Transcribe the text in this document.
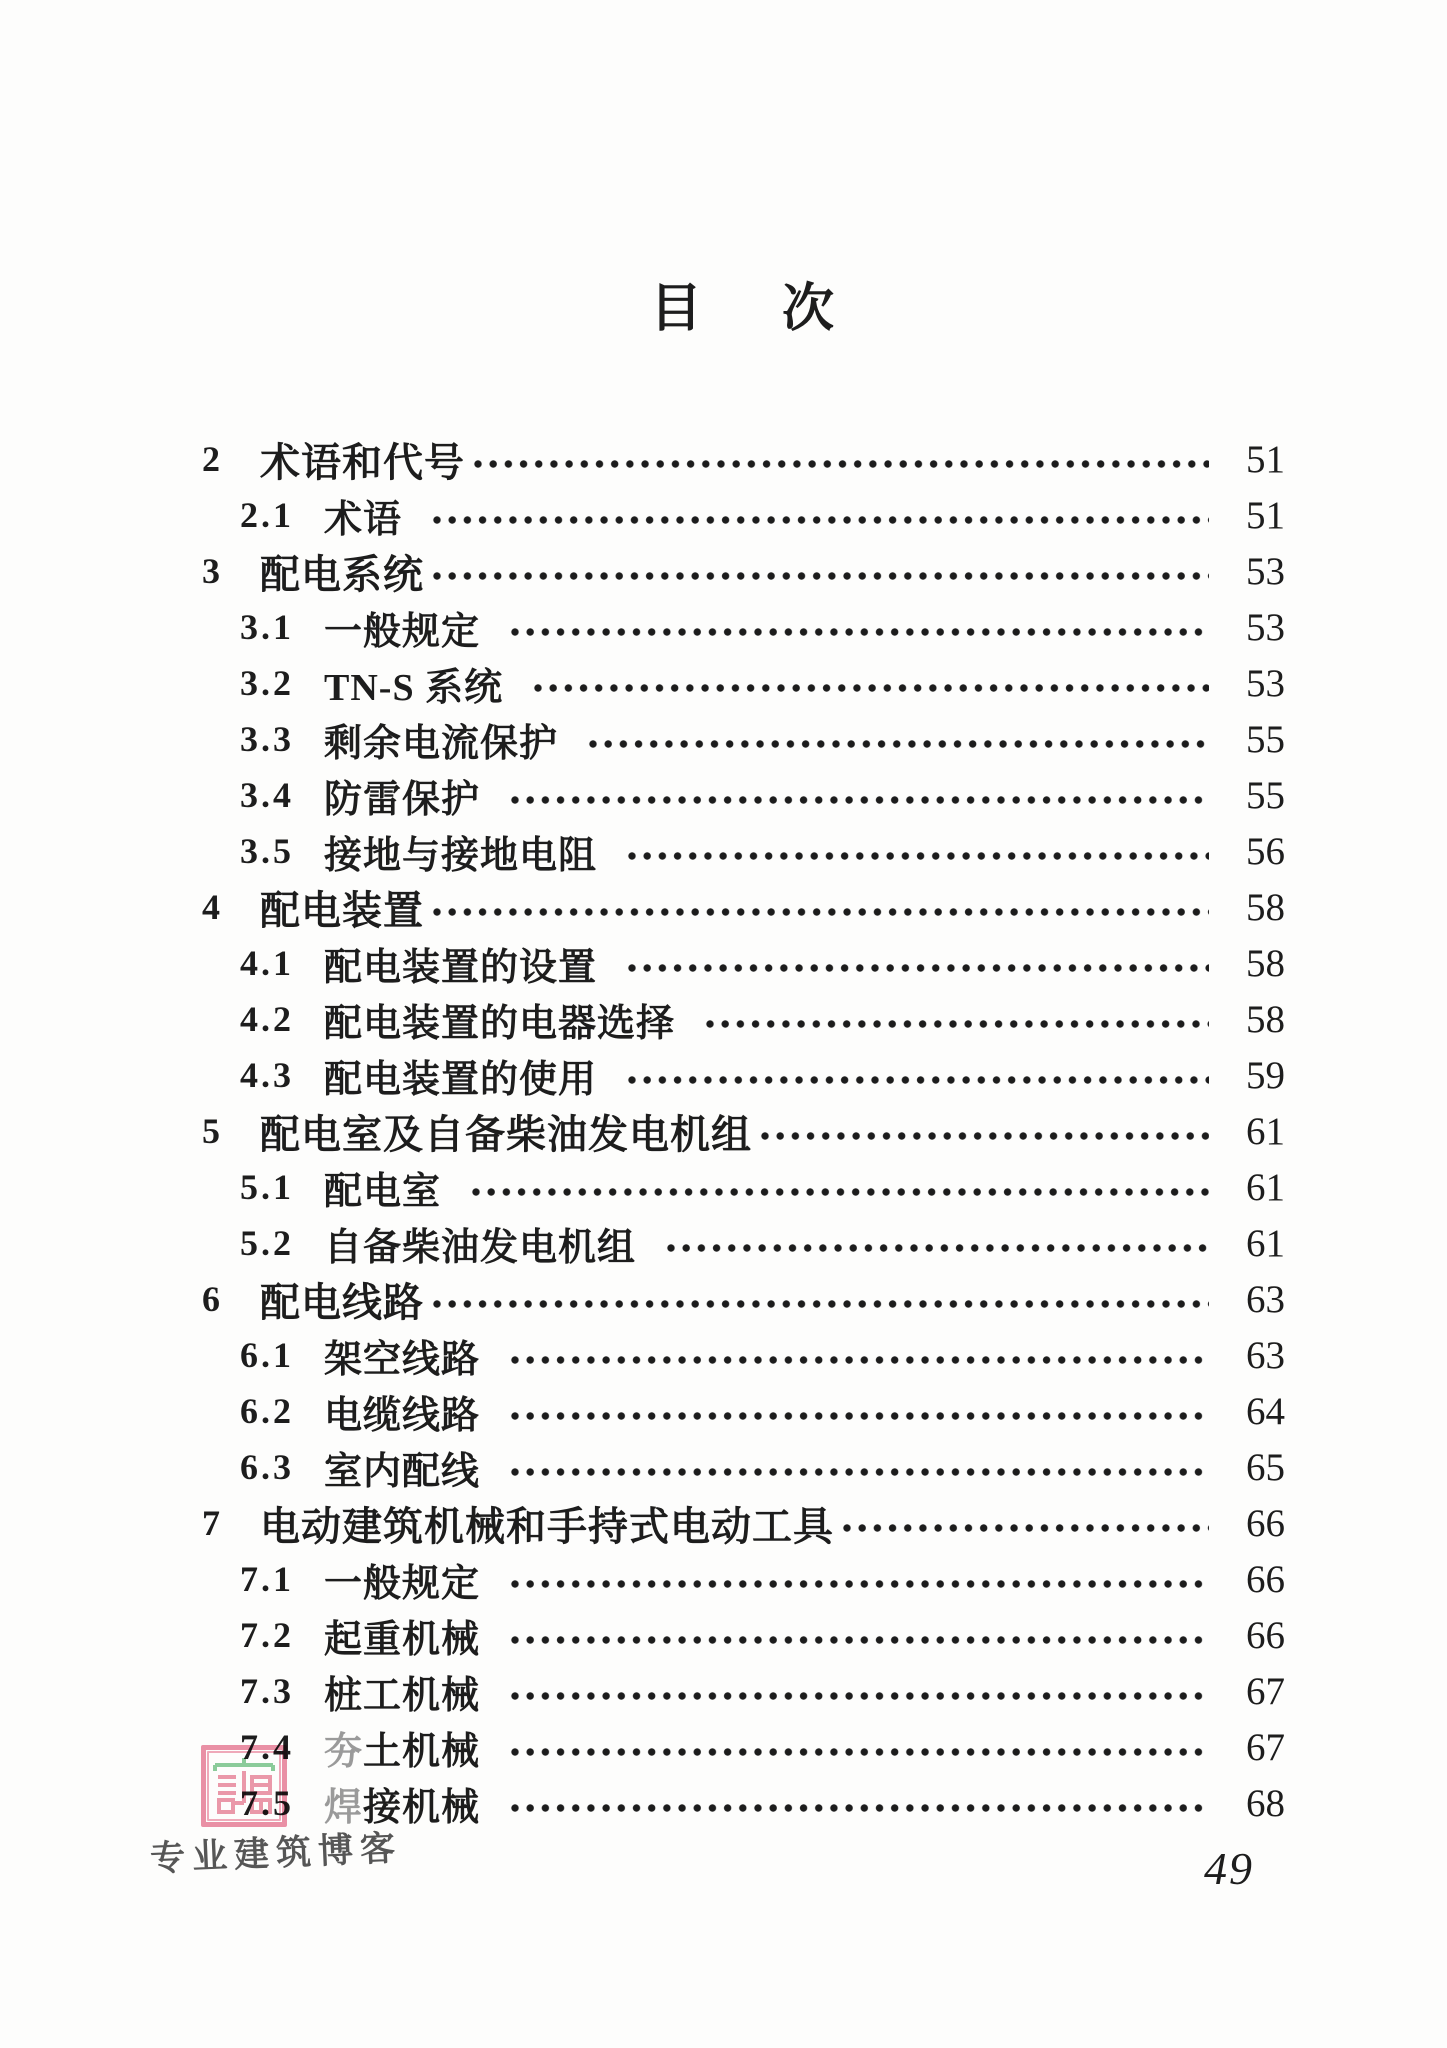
目 次
2 术语和代号	51
2.1 术语	51
3 配电系统	53
3.1 一般规定	53
3.2 TN-S 系统	53
3.3 剩余电流保护	55
3.4 防雷保护	55
3.5 接地与接地电阻	56
4 配电装置	58
4.1 配电装置的设置	58
4.2 配电装置的电器选择	58
4.3 配电装置的使用	59
5 配电室及自备柴油发电机组	61
5.1 配电室	61
5.2 自备柴油发电机组	61
6 配电线路	63
6.1 架空线路	63
6.2 电缆线路	64
6.3 室内配线	65
7 电动建筑机械和手持式电动工具	66
7.1 一般规定	66
7.2 起重机械	66
7.3 桩工机械	67
7.4 夯土机械	67
7.5 焊接机械	68
专业建筑博客	49
